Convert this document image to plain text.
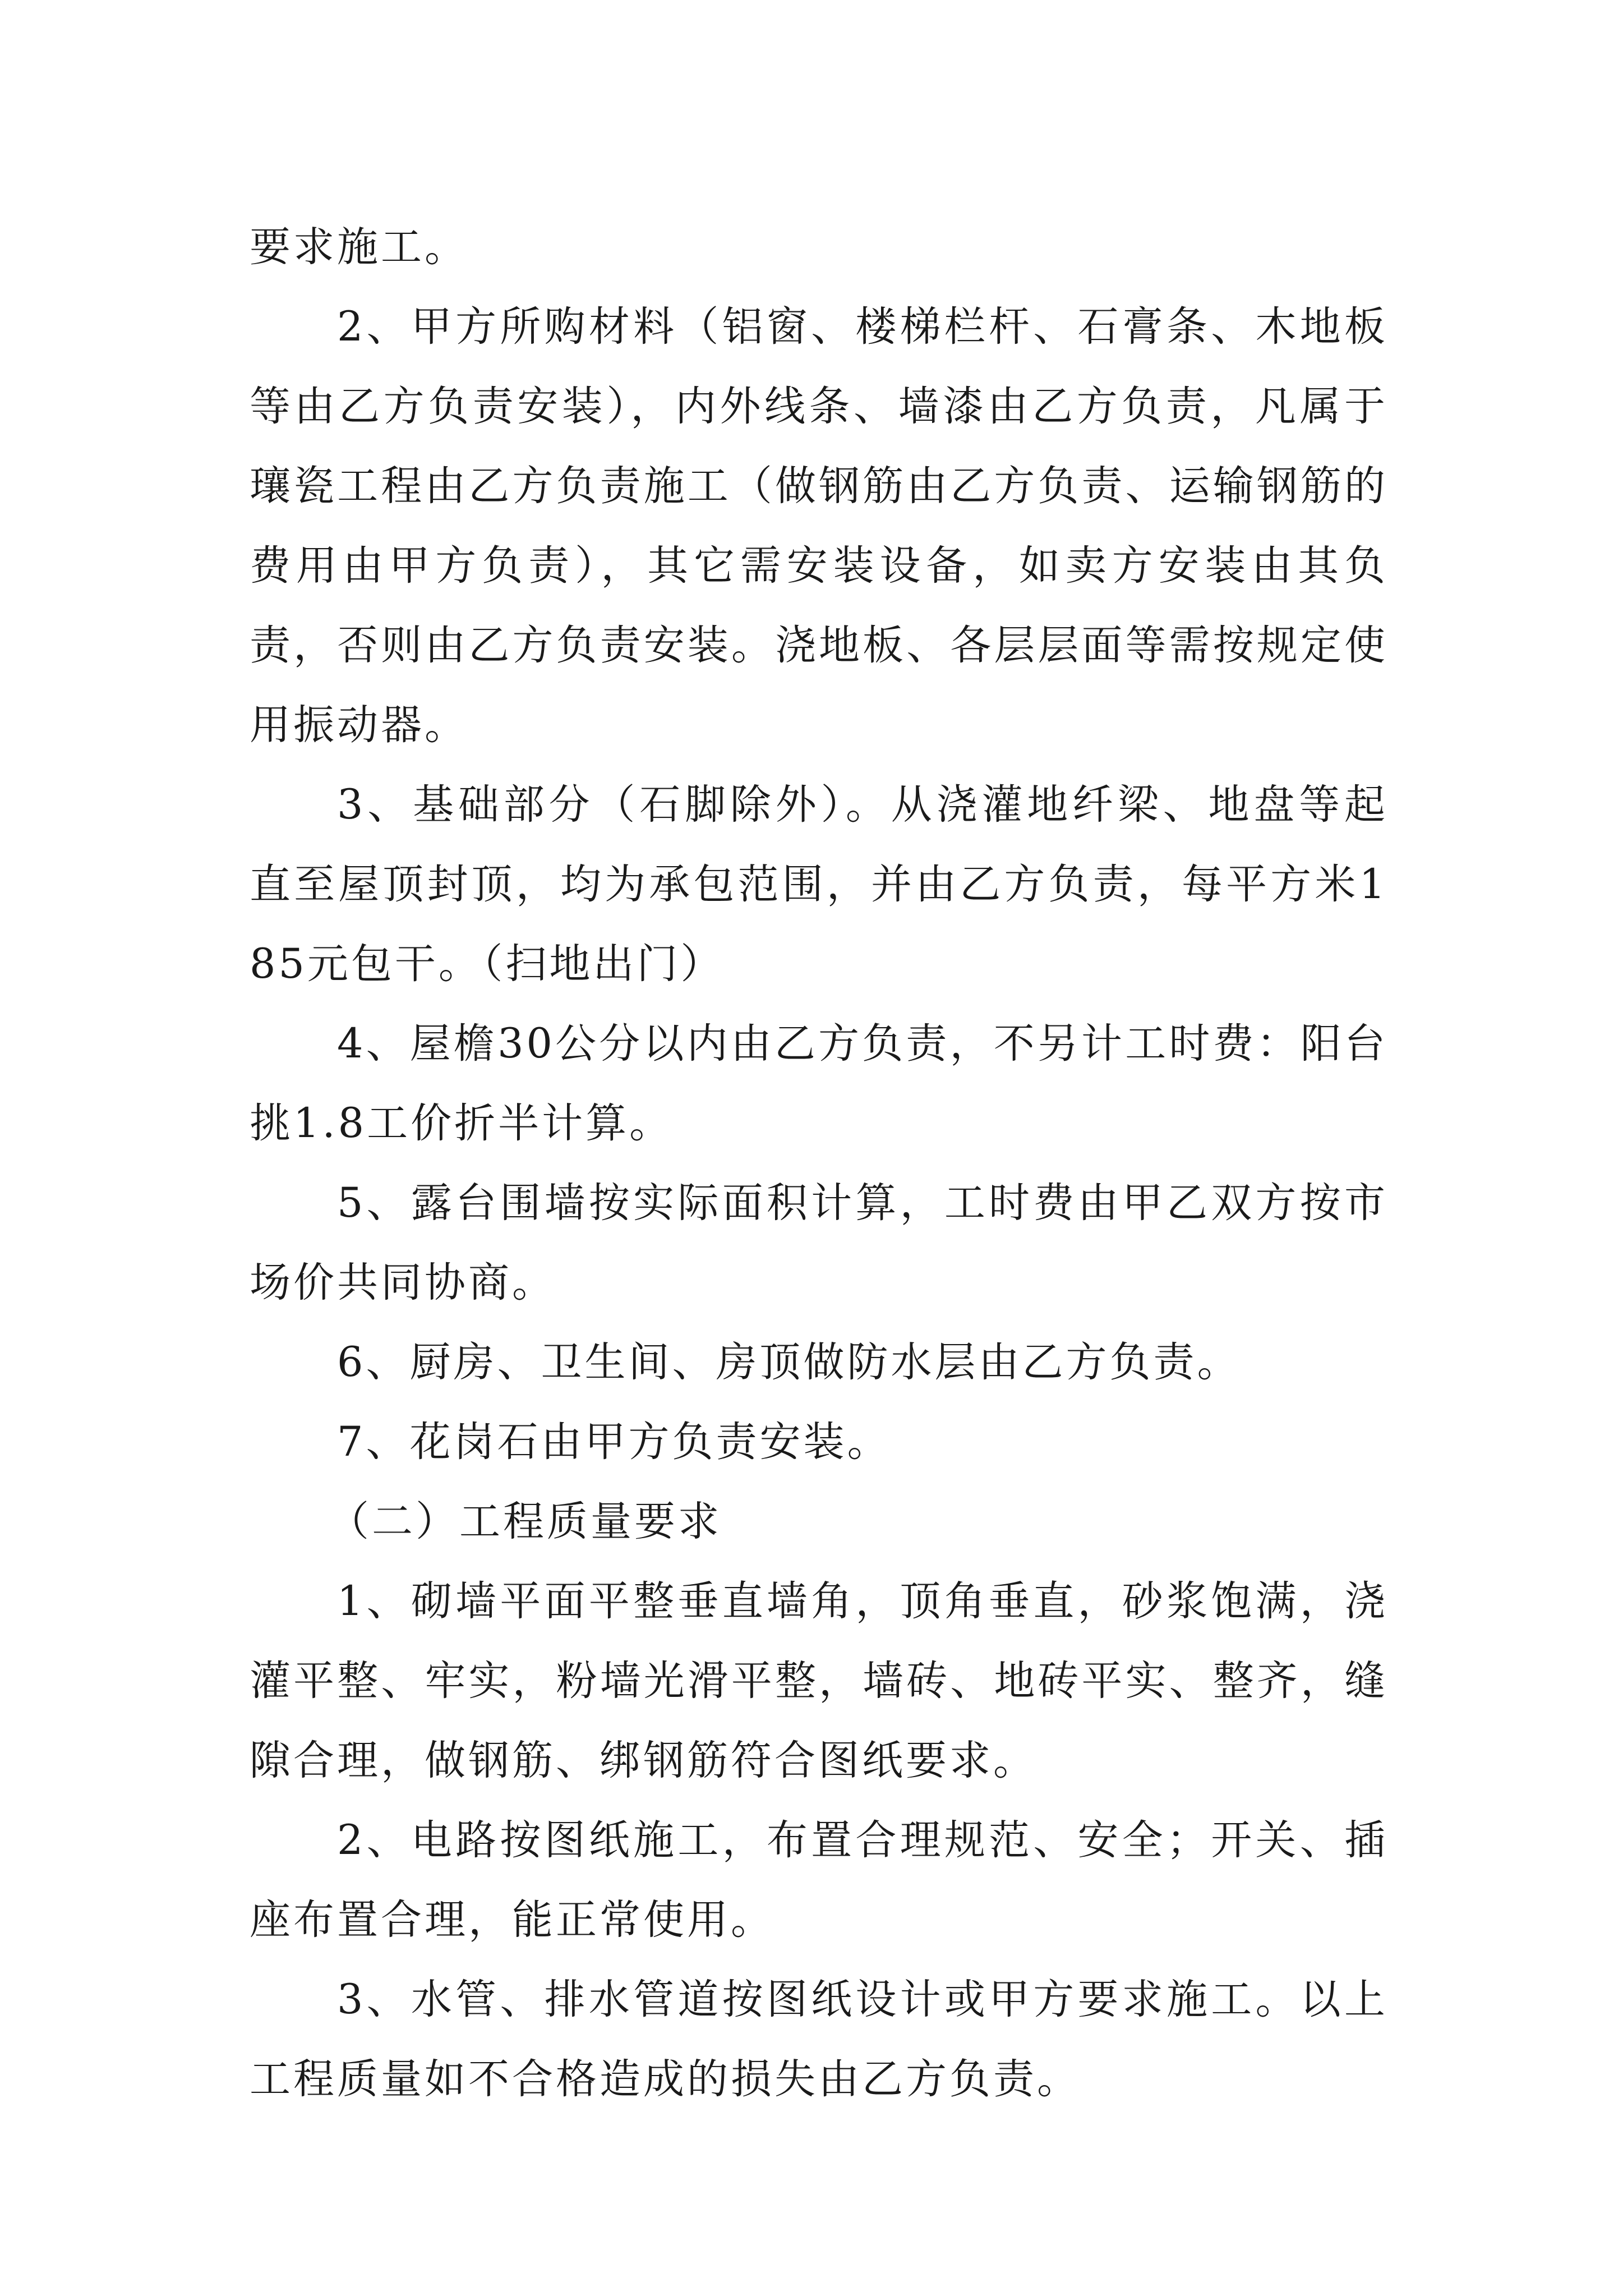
要求施工。

2、甲方所购材料（铝窗、楼梯栏杆、石膏条、木地板等由乙方负责安装），内外线条、墙漆由乙方负责，凡属于瓖瓷工程由乙方负责施工（做钢筋由乙方负责、运输钢筋的费用由甲方负责），其它需安装设备，如卖方安装由其负责，否则由乙方负责安装。浇地板、各层层面等需按规定使用振动器。

3、基础部分（石脚除外）。从浇灌地纤梁、地盘等起直至屋顶封顶，均为承包范围，并由乙方负责，每平方米185元包干。（扫地出门）

4、屋檐30公分以内由乙方负责，不另计工时费：阳台挑1.8工价折半计算。

5、露台围墙按实际面积计算，工时费由甲乙双方按市场价共同协商。

6、厨房、卫生间、房顶做防水层由乙方负责。

7、花岗石由甲方负责安装。

（二）工程质量要求

1、砌墙平面平整垂直墙角，顶角垂直，砂浆饱满，浇灌平整、牢实，粉墙光滑平整，墙砖、地砖平实、整齐，缝隙合理，做钢筋、绑钢筋符合图纸要求。

2、电路按图纸施工，布置合理规范、安全；开关、插座布置合理，能正常使用。

3、水管、排水管道按图纸设计或甲方要求施工。以上工程质量如不合格造成的损失由乙方负责。
